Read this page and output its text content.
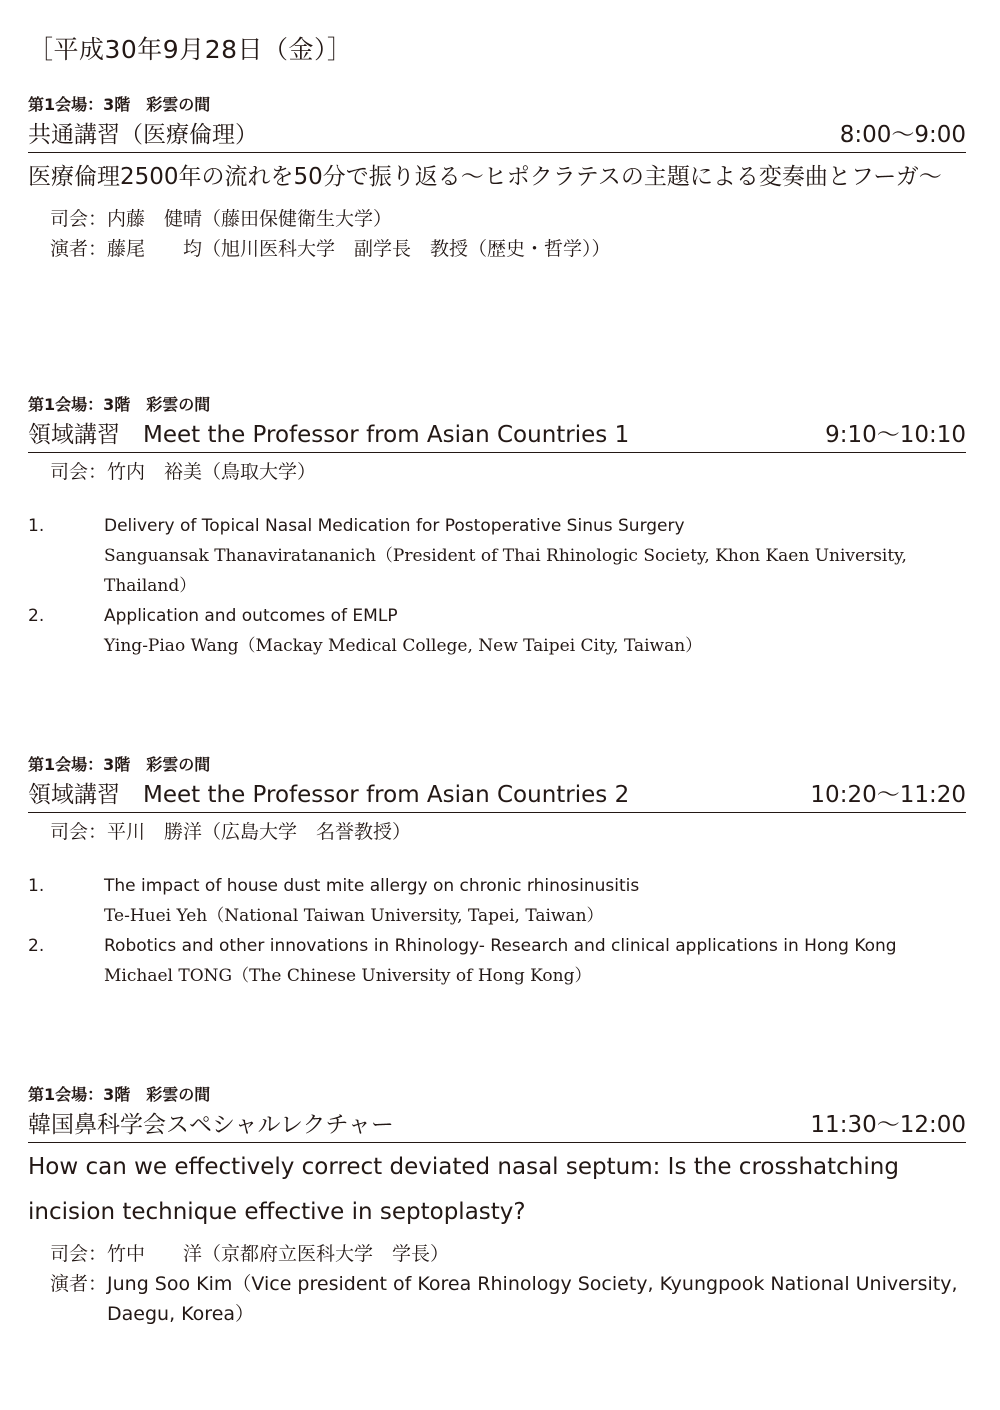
［平成30年9月28日（金）］
第1会場：3階　彩雲の間
共通講習（医療倫理）	8:00〜9:00
医療倫理2500年の流れを50分で振り返る〜ヒポクラテスの主題による変奏曲とフーガ〜
司会： 内藤　健晴（藤田保健衛生大学）
演者： 藤尾　　均（旭川医科大学　副学長　教授（歴史・哲学））
第1会場：3階　彩雲の間
領域講習　Meet the Professor from Asian Countries 1	9:10〜10:10
司会： 竹内　裕美（鳥取大学）
1.	Delivery of Topical Nasal Medication for Postoperative Sinus Surgery
Sanguansak Thanaviratananich（President of Thai Rhinologic Society, Khon Kaen University, Thailand）
2.	Application and outcomes of EMLP
Ying-Piao Wang（Mackay Medical College, New Taipei City, Taiwan）
第1会場：3階　彩雲の間
領域講習　Meet the Professor from Asian Countries 2	10:20〜11:20
司会： 平川　勝洋（広島大学　名誉教授）
1.	The impact of house dust mite allergy on chronic rhinosinusitis
Te-Huei Yeh（National Taiwan University, Tapei, Taiwan）
2.	Robotics and other innovations in Rhinology- Research and clinical applications in Hong Kong
Michael TONG（The Chinese University of Hong Kong）
第1会場：3階　彩雲の間
韓国鼻科学会スペシャルレクチャー	11:30〜12:00
How can we effectively correct deviated nasal septum: Is the crosshatching incision technique effective in septoplasty?
司会： 竹中　　洋（京都府立医科大学　学長）
演者： Jung Soo Kim（Vice president of Korea Rhinology Society, Kyungpook National University, Daegu, Korea）
